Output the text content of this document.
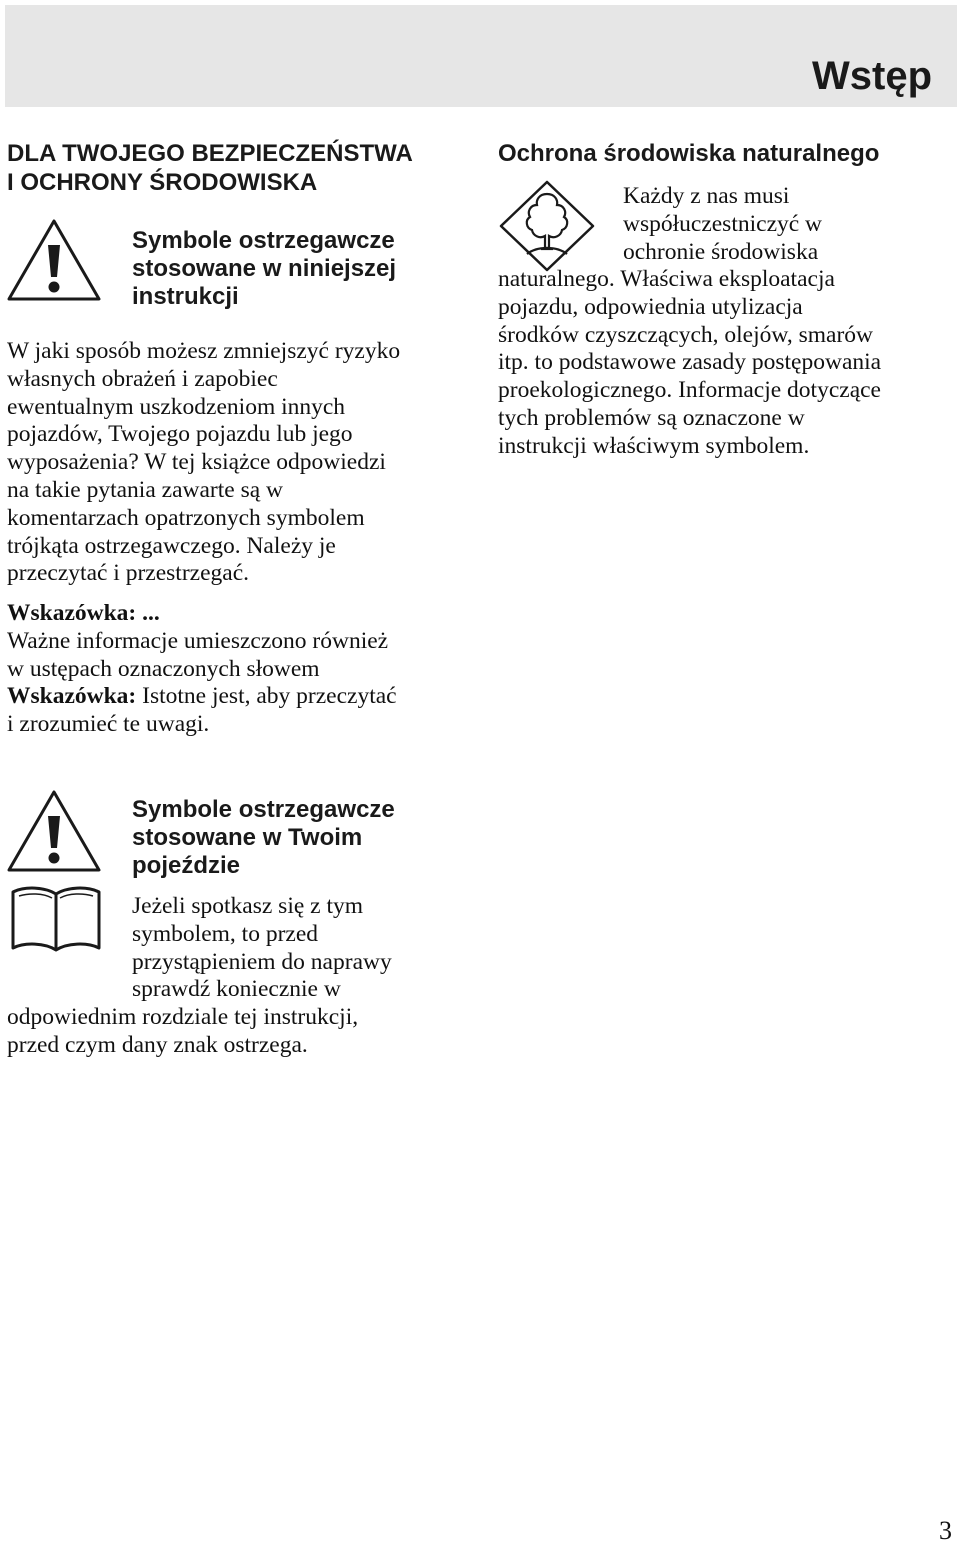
Wstęp
DLA TWOJEGO BEZPIECZEŃSTWA
I OCHRONY ŚRODOWISKA
Symbole ostrzegawcze
stosowane w niniejszej
instrukcji

W jaki sposób możesz zmniejszyć ryzyko
własnych obrażeń i zapobiec
ewentualnym uszkodzeniom innych
pojazdów, Twojego pojazdu lub jego
wyposażenia? W tej książce odpowiedzi
na takie pytania zawarte są w
komentarzach opatrzonych symbolem
trójkąta ostrzegawczego. Należy je
przeczytać i przestrzegać.

Wskazówka: ...
Ważne informacje umieszczono również
w ustępach oznaczonych słowem
Wskazówka: Istotne jest, aby przeczytać
i zrozumieć te uwagi.

Symbole ostrzegawcze
stosowane w Twoim
pojeździe

Jeżeli spotkasz się z tym
symbolem, to przed
przystąpieniem do naprawy
sprawdź koniecznie w

odpowiednim rozdziale tej instrukcji,
przed czym dany znak ostrzega.

Ochrona środowiska naturalnego

Każdy z nas musi
współuczestniczyć w
ochronie środowiska

naturalnego. Właściwa eksploatacja
pojazdu, odpowiednia utylizacja
środków czyszczących, olejów, smarów
itp. to podstawowe zasady postępowania
proekologicznego. Informacje dotyczące
tych problemów są oznaczone w
instrukcji właściwym symbolem.

3
